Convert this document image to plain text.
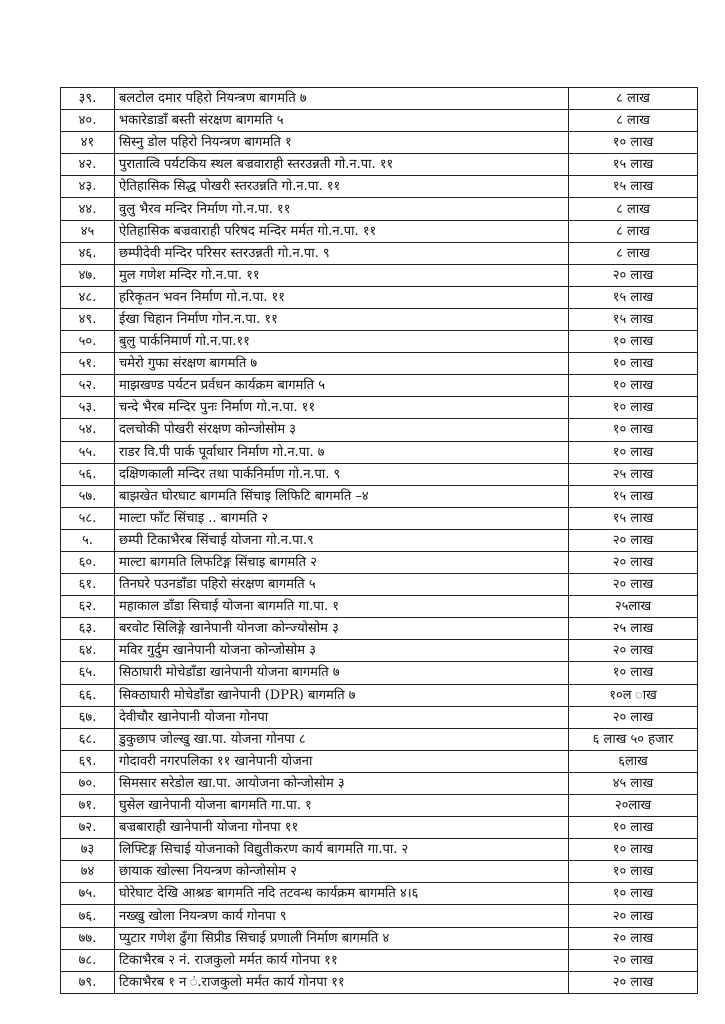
३९.	बलटोल दमार पहिरो नियन्त्रण बागमति ७	८ लाख
४०.	भकारेडाडाँ बस्ती संरक्षण बागमति ५	८ लाख
४१	सिस्नु डोल पहिरो नियन्त्रण बागमति १	१० लाख
४२.	पुरातात्वि पर्यटकिय स्थल बज्रवाराही स्तरउन्नती गो.न.पा. ११	१५ लाख
४३.	ऐतिहासिक सिद्ध पोखरी स्तरउन्नति गो.न.पा. ११	१५ लाख
४४.	वुलु भैरव मन्दिर निर्माण गो.न.पा. ११	८ लाख
४५	ऐतिहासिक बज्रवाराही परिषद मन्दिर मर्मत गो.न.पा. ११	८ लाख
४६.	छम्पीदेवी मन्दिर परिसर स्तरउन्नती गो.न.पा. ९	८ लाख
४७.	मुल गणेश मन्दिर गो.न.पा. ११	२० लाख
४८.	हरिकृतन भवन निर्माण गो.न.पा. ११	१५ लाख
४९.	ईखा चिहान निर्माण गोन.न.पा. ११	१५ लाख
५०.	बुलु पार्कनिमार्ण गो.न.पा.११	१० लाख
५१.	चमेरो गुफा संरक्षण बागमति ७	१० लाख
५२.	माझखण्ड पर्यटन प्रर्वधन कार्यक्रम बागमति ५	१० लाख
५३.	चन्दे भैरब मन्दिर पुनः निर्माण गो.न.पा. ११	१० लाख
५४.	दलचोकी पोखरी संरक्षण कोन्जोसोम ३	१० लाख
५५.	राडर वि.पी पार्क पूर्वाधार निर्माण गो.न.पा. ७	१० लाख
५६.	दक्षिणकाली मन्दिर तथा पार्कनिर्माण गो.न.पा. ९	२५ लाख
५७.	बाझखेत घोरघाट बागमति सिंचाइ लिफिटि बागमति –४	१५ लाख
५८.	माल्टा फाँट सिंचाइ .. बागमति २	१५ लाख
५.	छम्पी टिकाभैरब सिंचाई योजना गो.न.पा.९	२० लाख
६०.	माल्टा बागमति लिफटिङ्ग सिंचाइ बागमति २	२० लाख
६१.	तिनघरे पउनडाँडा पहिरो संरक्षण बागमति ५	२० लाख
६२.	महाकाल डाँडा सिचाई योजना बागमति गा.पा. १	२५लाख
६३.	बरवोट सिलिङ्गे खानेपानी योनजा कोन्ज्योसोम ३	२५ लाख
६४.	मविर गुर्दुम खानेपानी योजना कोन्जोसोम ३	२० लाख
६५.	सिठाघारी मोचेडाँडा खानेपानी योजना बागमति ७	१० लाख
६६.	सिक्ठाघारी मोचेडाँडा खानेपानी (DPR) बागमति ७	१०ल ाख
६७.	देवीचौर खानेपानी योजना गोनपा	२० लाख
६८.	डुकुछाप जोल्खु खा.पा. योजना गोनपा ८	६ लाख ५० हजार
६९.	गोदावरी नगरपलिका ११ खानेपानी योजना	६लाख
७०.	सिमसार सरेडोल खा.पा. आयोजना कोन्जोसोम ३	४५ लाख
७१.	घुसेल खानेपानी योजना बागमति गा.पा. १	२०लाख
७२.	बज्रबाराही खानेपानी योजना गोनपा ११	१० लाख
७३	लिफ्टिङ्ग सिचाई योजनाको विद्युतीकरण कार्य बागमति गा.पा. २	१० लाख
७४	छायाक खोल्सा नियन्त्रण कोन्जोसोम २	१० लाख
७५.	घोरेघाट देखि आश्रङ बागमति नदि तटवन्ध कार्यक्रम बागमति ४।६	१० लाख
७६.	नख्खु खोला नियन्त्रण कार्य गोनपा ९	२० लाख
७७.	प्युटार गणेश ढुँगा सिप्रीड सिचाई प्रणाली निर्माण बागमति ४	२० लाख
७८.	टिकाभैरब २ नं. राजकुलो मर्मत कार्य गोनपा ११	२० लाख
७९.	टिकाभैरब १ न ं.राजकुलो मर्मत कार्य गोनपा ११	२० लाख
